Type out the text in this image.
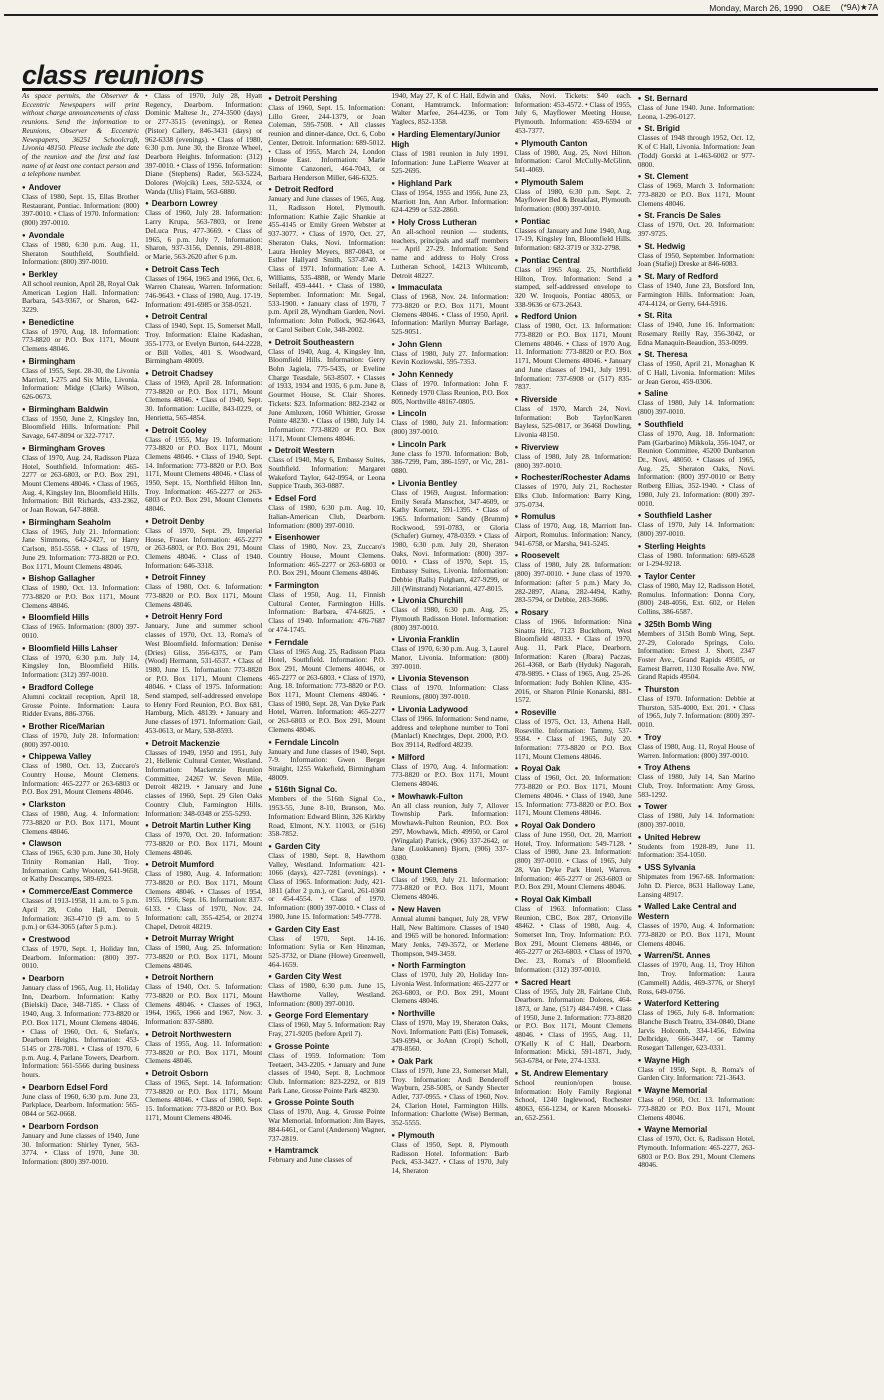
Monday, March 26, 1990 O&E (*9A)★7A
class reunions
As space permits, the Observer & Eccentric Newspapers will print without charge announcements of class reunions. Send the information to Reunions, Observer & Eccentric Newspapers, 36251 Schoolcraft, Livonia 48150. Please include the date of the reunion and the first and last name of at least one contact person and a telephone number.
● Andover
Class of 1980, Sept. 15, Ellas Brother Restaurant, Pontiac. Information: (800) 397-0010. • Class of 1970. Information: (800) 397-0010.
● Avondale
Class of 1980, 6:30 p.m. Aug. 11, Sheraton Southfield, Southfield. Information: (800) 397-0010.
● Berkley
All school reunion, April 28, Royal Oak American Legion Hall. Information: Barbara, 543-9367, or Sharon, 642-3229.
● Benedictine
Class of 1970, Aug. 18. Information: 773-8820 or P.O. Box 1171, Mount Clemens 48046.
● Birmingham
Class of 1955, Sept. 28-30, the Livonia Marriott, I-275 and Six Mile, Livonia. Information: Midge (Clark) Wilson, 626-0673.
● Birmingham Baldwin
Class of 1950, June 2, Kingsley Inn, Bloomfield Hills. Information: Phil Savage, 647-8094 or 322-7717.
● Birmingham Groves
Class of 1970, Aug. 24, Radisson Plaza Hotel, Southfield. Information: 465-2277 or 263-6803, or P.O. Box 291, Mount Clemens 48046. • Class of 1965, Aug. 4, Kingsley Inn, Bloomfield Hills. Information: Bill Richards, 433-2362, or Joan Rowan, 647-8868.
● Birmingham Seaholm
Class of 1965, July 21. Information: Jane Simmons, 642-2427, or Harry Carlson, 851-5558. • Class of 1970, June 29. Information: 773-8820 or P.O. Box 1171, Mount Clemens 48046.
● Bishop Gallagher
Class of 1980, Oct. 13. Information: 773-8820 or P.O. Box 1171, Mount Clemens 48046.
● Bloomfield Hills
Class of 1965. Information: (800) 397-0010.
● Bloomfield Hills Lahser
Class of 1970, 6:30 p.m. July 14, Kingsley Inn, Bloomfield Hills. Information: (312) 397-0010.
● Bradford College
Alumni cocktail reception, April 18, Grosse Pointe. Information: Laura Ridder Evans, 886-3766.
● Brother Rice/Marian
Class of 1970, July 28. Information: (800) 397-0010.
● Chippewa Valley
Class of 1980, Oct. 13, Zuccaro's Country House, Mount Clemens. Information: 465-2277 or 263-6803 or P.O. Box 291, Mount Clemens 48046.
● Clarkston
Class of 1980, Aug. 4. Information: 773-8820 or P.O. Box 1171, Mount Clemens 48046.
● Clawson
Class of 1965, 6:30 p.m. June 30, Holy Trinity Romanian Hall, Troy. Information: Cathy Wooten, 641-9658, or Kathy Descamps, 589-6923.
● Commerce/East Commerce
Classes of 1913-1958, 11 a.m. to 5 p.m. April 28, Coho Hall, Detroit. Information: 363-4710 (9 a.m. to 5 p.m.) or 634-3065 (after 5 p.m.).
● Crestwood
Class of 1970, Sept. 1, Holiday Inn, Dearborn. Information: (800) 397-0010.
● Dearborn
January class of 1965, Aug. 11, Holiday Inn, Dearborn. Information: Kathy (Bielski) Dace, 348-7185. • Class of 1940, Aug. 3. Information: 773-8820 or P.O. Box 1171, Mount Clemens 48046. • Class of 1960, Oct. 6, Stefan's, Dearborn Heights. Information: 453-5145 or 278-7081. • Class of 1970, 6 p.m. Aug. 4, Parlane Towers, Dearborn. Information: 561-5566 during business hours.
● Dearborn Edsel Ford
June class of 1960, 6:30 p.m. June 23, Parkplace, Dearborn. Information: 565-0844 or 562-0668.
● Dearborn Fordson
January and June classes of 1940, June 30. Information: Shirley Tyner, 563-3774. • Class of 1970, June 30. Information: (800) 397-0010.
• Class of 1970, July 28, Hyatt Regency, Dearborn. Information: Dominic Maltese Jr., 274-3500 (days) or 277-3515 (evenings), or Renea (Pistor) Callery, 846-3431 (days) or 962-6338 (evenings). • Class of 1980, 6:30 p.m. June 30, the Bronze Wheel, Dearborn Heights. Information: (312) 397-0010. • Class of 1956. Information: Diane (Stephens) Rader, 563-5224, Dolores (Wojcik) Lees, 592-5324, or Wanda (Ulis) Flaim, 563-6880.
● Dearborn Lowrey
Class of 1960, July 28. Information: Larry Krupa, 563-7803, or Irene DeLuca Prus, 477-3669. • Class of 1965, 6 p.m. July 7. Information: Sharon, 937-3156, Dennis, 291-8818, or Marie, 563-2620 after 6 p.m.
● Detroit Cass Tech
Classes of 1964, 1965 and 1966, Oct. 6, Warren Chateau, Warren. Information: 746-9643. • Class of 1980, Aug. 17-19. Information: 491-6985 or 358-0521.
● Detroit Central
Class of 1940, Sept. 15, Somerset Mall, Troy. Information: Elaine Kadashan, 355-1773, or Evelyn Burton, 644-2228, or Bill Volles, 401 S. Woodward, Birmingham 48009.
● Detroit Chadsey
Class of 1969, April 28. Information: 773-8820 or P.O. Box 1171, Mount Clemens 48046. • Class of 1940, Sept. 30. Information: Lucille, 843-0229, or Henrietta, 565-4854.
● Detroit Cooley
Class of 1955, May 19. Information: 773-8820 or P.O. Box 1171, Mount Clemens 48046. • Class of 1940, Sept. 14. Information: 773-8820 or P.O. Box 1171, Mount Clemens 48046. • Class of 1950, Sept. 15, Northfield Hilton Inn, Troy. Information: 465-2277 or 263-6803 or P.O. Box 291, Mount Clemens 48046.
● Detroit Denby
Class of 1970, Sept. 29, Imperial House, Fraser. Information: 465-2277 or 263-6803, or P.O. Box 291, Mount Clemens 48046. • Class of 1940. Information: 646-3318.
● Detroit Finney
Class of 1980, Oct. 6. Information: 773-8820 or P.O. Box 1171, Mount Clemens 48046.
● Detroit Henry Ford
January, June and summer school classes of 1970, Oct. 13, Roma's of West Bloomfield. Information: Denise (Dries) Gliss, 356-6375, or Pam (Wood) Hermann, 531-6537. • Class of 1980, June 15. Information: 773-8820 or P.O. Box 1171, Mount Clemens 48046. • Class of 1975. Information: Send stamped, self-addressed envelope to Henry Ford Reunion, P.O. Box 681, Hamburg, Mich. 48139. • January and June classes of 1971. Information: Gail, 453-0613, or Mary, 538-8593.
● Detroit Mackenzie
Classes of 1949, 1950 and 1951, July 21, Hellenic Cultural Center, Westland. Information: Mackenzie Reunion Committee, 24267 W. Seven Mile, Detroit 48219. • January and June classes of 1960, Sept. 29 Glen Oaks Country Club, Farmington Hills. Information: 348-0348 or 255-5293.
● Detroit Martin Luther King
Class of 1970, Oct. 20. Information: 773-8820 or P.O. Box 1171, Mount Clemens 48046.
● Detroit Mumford
Class of 1980, Aug. 4. Information: 773-8820 or P.O. Box 1171, Mount Clemens 48046. • Classes of 1954, 1955, 1956, Sept. 16. Information: 837-6133. • Class of 1970, Nov. 24. Information: call, 355-4254, or 20274 Chapel, Detroit 48219.
● Detroit Murray Wright
Class of 1980, Aug. 25. Information: 773-8820 or P.O. Box 1171, Mount Clemens 48046.
● Detroit Northern
Class of 1940, Oct. 5. Information: 773-8820 or P.O. Box 1171, Mount Clemens 48046. • Classes of 1963, 1964, 1965, 1966 and 1967, Nov. 3. Information: 837-5880.
● Detroit Northwestern
Class of 1955, Aug. 11. Information: 773-8820 or P.O. Box 1171, Mount Clemens 48046.
● Detroit Osborn
Class of 1965, Sept. 14. Information: 773-8820 or P.O. Box 1171, Mount Clemens 48046. • Class of 1980, Sept. 15. Information: 773-8820 or P.O. Box 1171, Mount Clemens 48046.
● Detroit Pershing
Class of 1960, Sept. 15. Information: Lillo Greer, 244-1379, or Joan Coleman, 595-7508. • All classes reunion and dinner-dance, Oct. 6, Cobo Center, Detroit. Information: 689-5012. • Class of 1955, March 24, London House East. Information: Marie Simonte Canzoneri, 464-7043, or Barbara Henderson Miller, 646-6325.
● Detroit Redford
January and June classes of 1965, Aug. 11, Radisson Hotel, Plymouth. Information: Kathie Zajic Shankie at 455-4145 or Emily Green Webster at 937-3077. • Class of 1970, Oct. 27, Sheraton Oaks, Novi. Information: Laura Henley Meyers, 887-0843, or Esther Hallyard Smith, 537-8740. • Class of 1971. Information: Lee A. Williams, 535-4888, or Wendy Marie Seilaff, 459-4441. • Class of 1980, September. Information: Mr. Segal, 533-1900. • January class of 1970, 7 p.m. April 28, Wyndham Garden, Novi. Information: John Pollock, 962-9643, or Carol Seibert Cole, 348-2002.
● Detroit Southeastern
Class of 1940, Aug. 4, Kingsley Inn, Bloomfield Hills. Information: Gerry Bohn Jagiela, 775-5435, or Eveline Charge Teasdale, 563-8507. • Classes of 1933, 1934 and 1935, 6 p.m. June 8, Gourmet House, St. Clair Shores. Tickets: $23. Information: 882-2342 or June Amluxen, 1060 Whittier, Grosse Pointe 48230. • Class of 1980, July 14. Information: 773-8820 or P.O. Box 1171, Mount Clemens 48046.
● Detroit Western
Class of 1940, May 6, Embassy Suites, Southfield. Information: Margaret Wakeford Taylor, 642-0954, or Leona Suppice Traub, 363-0887.
● Edsel Ford
Class of 1980, 6:30 p.m. Aug. 10, Italian-American Club, Dearborn. Information: (800) 397-0010.
● Eisenhower
Class of 1980, Nov. 23, Zuccaro's Country House, Mount Clemens. Information: 465-2277 or 263-6803 or P.O. Box 291, Mount Clemens 48046.
● Farmington
Class of 1950, Aug. 11, Finnish Cultural Center, Farmington Hills. Information: Barbara, 474-6825. • Class of 1940. Information: 476-7687 or 474-1745.
● Ferndale
Class of 1965 Aug. 25, Radisson Plaza Hotel, Southfield. Information: P.O. Box 291, Mount Clemens 48046, or 465-2277 or 263-6803. • Class of 1970, Aug. 18. Information: 773-8820 or P.O. Box 1171, Mount Clemens 48046. • Class of 1980, Sept. 28, Van Dyke Park Hotel, Warren. Information: 465-2277 or 263-6803 or P.O. Box 291, Mount Clemens 48046.
● Ferndale Lincoln
January and June classes of 1940, Sept. 7-9. Information: Gwen Berger Straight, 1255 Wakefield, Birmingham 48009.
● 516th Signal Co.
Members of the 516th Signal Co., 1953-55, June 8-10, Branson, Mo. Information: Edward Blinn, 326 Kirkby Road, Elmont, N.Y. 11003, or (516) 358-7852.
● Garden City
Class of 1980, Sept. 8, Hawthorn Valley, Westland. Information: 421-1066 (days), 427-7281 (evenings). • Class of 1965. Information: Judy, 421-1811 (after 2 p.m.), or Carol, 261-0360 or 454-4554. • Class of 1970. Information: (800) 397-0010. • Class of 1980, June 15. Information: 549-7778.
● Garden City East
Class of 1970, Sept. 14-16. Information: Sylia or Ken Hinzman, 525-3732, or Diane (Howe) Greenwell, 464-1659.
● Garden City West
Class of 1980, 6:30 p.m. June 15, Hawthorne Valley, Westland. Information: (800) 397-0010.
● George Ford Elementary
Class of 1960, May 5. Information: Ray Fray, 271-9205 (before April 7).
● Grosse Pointe
Class of 1959. Information: Tom Teetaert, 343-2205. • January and June classes of 1940, Sept. 8, Lochmoor Club. Information: 823-2292, or 819 Park Lane, Grosse Pointe Park 48230.
● Grosse Pointe South
Class of 1970, Aug. 4, Grosse Pointe War Memorial. Information: Jim Bayes, 884-6461, or Carol (Anderson) Wagner, 737-2819.
● Hamtramck
February and June classes of
1940, May 27, K of C Hall, Edwin and Conant, Hamtramck. Information: Walter Marfee, 264-4236, or Tom Yaglecs, 852-1358.
● Harding Elementary/Junior High
Class of 1981 reunion in July 1991. Information: June LaPierre Weaver at 525-2695.
● Highland Park
Class of 1954, 1955 and 1956, June 23, Marriott Inn, Ann Arbor. Information: 624-4299 or 532-2860.
● Holy Cross Lutheran
An all-school reunion — students, teachers, principals and staff members — April 27-29. Information: Send name and address to Holy Cross Lutheran School, 14213 Whitcomb, Detroit 48227.
● Immaculata
Class of 1968, Nov. 24. Information: 773-8820 or P.O. Box 1171, Mount Clemens 48046. • Class of 1950, April. Information: Marilyn Murray Barlage, 525-9051.
● John Glenn
Class of 1980, July 27. Information: Kevin Kozlowski, 595-7353.
● John Kennedy
Class of 1970. Information: John F. Kennedy 1970 Class Reunion, P.O. Box 805, Northville 48167-0805.
● Lincoln
Class of 1980, July 21. Information: (800) 397-0010.
● Lincoln Park
June class fo 1970. Information: Bob, 386-7299, Pam, 386-1597, or Vic, 281-0880.
● Livonia Bentley
Class of 1969, August. Information: Emily Serafa Manschot, 347-4609, or Kathy Kornetz, 591-1395. • Class of 1965. Information: Sandy (Brumm) Rockwood, 591-0783, or Gloria (Schafer) Gurney, 478-0359. • Class of 1980, 6:30 p.m. July 20, Sheraton Oaks, Novi. Information: (800) 397-0010. • Class of 1970, Sept. 15, Embassy Suites, Livonia. Information: Debbie (Ralls) Fulgham, 427-9299, or Jill (Winstrand) Notarianni, 427-8015.
● Livonia Churchill
Class of 1980, 6:30 p.m. Aug. 25, Plymouth Radisson Hotel. Information: (800) 397-0010.
● Livonia Franklin
Class of 1970, 6:30 p.m. Aug. 3, Laurel Manor, Livonia. Information: (800) 397-0010.
● Livonia Stevenson
Class of 1970. Information: Class Reunions, (800) 397-0010.
● Livonia Ladywood
Class of 1966. Information: Send name, address and telephone number to Toni (Manlacl) Knechtges, Dept. 2000, P.O. Box 39114, Redford 48239.
● Milford
Class of 1970, Aug. 4. Information: 773-8820 or P.O. Box 1171, Mount Clemens 48046.
● Mowhawk-Fulton
An all class reunion, July 7, Allover Township Park. Information: Mowhawk-Fulton Reunion, P.O. Box 297, Mowhawk, Mich. 49950, or Carol (Wingalat) Patrick, (906) 337-2642, or Jane (Luokkanen) Bjorn, (906) 337-0380.
● Mount Clemens
Class of 1969, July 21. Information: 773-8820 or P.O. Box 1171, Mount Clemens 48046.
● New Haven
Annual alumni banquet, July 28, VFW Hall, New Baltimore. Classes of 1940 and 1965 will be honored. Information: Mary Jenks, 749-3572, or Merlene Thompson, 949-3459.
● North Farmington
Class of 1970, July 20, Holiday Inn-Livonia West. Information: 465-2277 or 263-6803, or P.O. Box 291, Mount Clemens 48046.
● Northville
Class of 1970, May 19, Sheraton Oaks, Novi. Information: Patti (Eis) Tomasek, 349-6994, or JoAnn (Cropi) Scholl, 478-8560.
● Oak Park
Class of 1970, June 23, Somerset Mall, Troy. Information: Andi Benderoff Wayburn, 258-5085, or Sandy Shecter Adler, 737-0955. • Class of 1960, Nov. 24, Clarion Hotel, Farmington Hills. Information: Charlotte (Wise) Berman, 352-5555.
● Plymouth
Class of 1950, Sept. 8, Plymouth Radisson Hotel. Information: Barb Peck, 453-3427. • Class of 1970, July 14, Sheraton
Oaks, Novi. Tickets: $40 each. Information: 453-4572. • Class of 1955, July 6, Mayflower Meeting House, Plymouth. Information: 459-6594 or 453-7377.
● Plymouth Canton
Class of 1980, Aug. 25, Novi Hilton. Information: Carol McCully-McGlinn, 541-4069.
● Plymouth Salem
Class of 1980, 6:30 p.m. Sept. 2, Mayflower Bed & Breakfast, Plymouth. Information: (800) 397-0010.
● Pontiac
Classes of January and June 1940, Aug. 17-19, Kingsley Inn, Bloomfield Hills. Information: 682-3719 or 332-2798.
● Pontiac Central
Class of 1965 Aug. 25, Northfield Hilton, Troy. Information: Send a stamped, self-addressed envelope to 320 W. Iroquois, Pontiac 48053, or 338-9636 or 673-2643.
● Redford Union
Class of 1980, Oct. 13. Information: 773-8820 or P.O. Box 1171, Mount Clemens 48046. • Class of 1970 Aug. 11. Information: 773-8820 or P.O. Box 1171, Mount Clemens 48046. • January and June classes of 1941, July 1991. Information: 737-6908 or (517) 835-7837.
● Riverside
Class of 1970, March 24, Novi. Information: Bob Taylor/Karen Bayless, 525-0817, or 36468 Dowling, Livonia 48150.
● Riverview
Class of 1980, July 28. Information: (800) 397-0010.
● Rochester/Rochester Adams
Classes of 1970, July 21, Rochester Elks Club. Information: Barry King, 375-0734.
● Romulus
Class of 1970, Aug. 18, Marriott Inn-Airport, Romulus. Information: Nancy, 941-6758, or Marsha, 941-5245.
● Roosevelt
Class of 1980, July 28. Information: (800) 397-0010. • June class of 1970. Information: (after 5 p.m.) Mary Jo, 282-2897, Alana, 282-4494, Kathy, 283-5794, or Debbie, 283-3686.
● Rosary
Class of 1966. Information: Nina Sinatra Hric, 7123 Buckthorn, West Bloomfield 48033. • Class of 1970, Aug. 11, Park Place, Dearborn. Information: Karen (Jbara) Paczas, 261-4368, or Barb (Hyduk) Nagorah, 478-9895. • Class of 1965, Aug. 25-26. Information: Judy Bohlen Kline, 435-2016, or Sharon Pilnie Konarski, 881-1572.
● Roseville
Class of 1975, Oct. 13, Athena Hall, Roseville. Information: Tammy, 537-9584. • Class of 1965, July 20. Information: 773-8820 or P.O. Box 1171, Mount Clemens 48046.
● Royal Oak
Class of 1960, Oct. 20. Information: 773-8820 or P.O. Box 1171, Mount Clemens 48046. • Class of 1940, June 15. Information: 773-8820 or P.O. Box 1171, Mount Clemens 48046.
● Royal Oak Dondero
Class of June 1950, Oct. 20, Marriott Hotel, Troy. Information: 549-7128. • Class of 1980, June 23. Information: (800) 397-0010. • Class of 1965, July 28, Van Dyke Park Hotel, Warren. Information: 465-2277 or 263-6803 or P.O. Box 291, Mount Clemens 48046.
● Royal Oak Kimball
Class of 1963. Information: Class Reunion, CBC, Box 287, Ortonville 48462. • Class of 1980, Aug. 4, Somerset Inn, Troy. Information: P.O. Box 291, Mount Clemens 48046, or 465-2277 or 263-6803. • Class of 1970, Dec. 23, Roma's of Bloomfield. Information: (312) 397-0010.
● Sacred Heart
Class of 1955, July 28, Fairlane Club, Dearborn. Information: Dolores, 464-1873, or Jane, (517) 484-7498. • Class of 1950, June 2. Information: 773-8820 or P.O. Box 1171, Mount Clemens 48046. • Class of 1955, Aug. 11, O'Kelly K of C Hall, Dearborn. Information: Micki, 591-1871, Judy, 563-6784, or Pete, 274-1333.
● St. Andrew Elementary
School reunion/open house. Information: Holy Family Regional School, 1240 Inglewood, Rochester 48063, 656-1234, or Karen Mooseki-an, 652-2561.
● St. Bernard
Class of June 1940. June. Information: Leona, 1-296-0127.
● St. Brigid
Classes of 1948 through 1952, Oct. 12, K of C Hall, Livonia. Information: Jean (Todd) Gorski at 1-463-6002 or 977-0800.
● St. Clement
Class of 1969, March 3. Information: 773-8820 or P.O. Box 1171, Mount Clemens 48046.
● St. Francis De Sales
Class of 1970, Oct. 20. Information: 397-9725.
● St. Hedwig
Class of 1950, September. Information: Joan (Stafiej) Dreske at 846-6083.
● St. Mary of Redford
Class of 1940, June 23, Botsford Inn, Farmington Hills. Information: Joan, 474-4124, or Gerry, 644-5916.
● St. Rita
Class of 1940, June 16. Information: Rosemary Reilly Ray, 356-3042, or Edna Manaquin-Beaudion, 353-0099.
● St. Theresa
Class of 1950, April 21, Monaghan K of C Hall, Livonia. Information: Miles or Jean Gerou, 459-0306.
● Saline
Class of 1980, July 14. Information: (800) 397-0010.
● Southfield
Class of 1970, Aug. 18. Information: Pam (Garbarino) Mikkola, 356-1047, or Reunion Committee, 45200 Dunbarton Dr., Novi, 48050. • Classes of 1965, Aug. 25, Sheraton Oaks, Novi. Information: (800) 397-0010 or Betty Rotberg Ellias, 352-1940. • Class of 1980, July 21. Information: (800) 397-0010.
● Southfield Lasher
Class of 1970, July 14. Information: (800) 397-0010.
● Sterling Heights
Class of 1980. Information: 689-6528 or 1-294-9218.
● Taylor Center
Class of 1980, May 12, Radisson Hotel, Romulus. Information: Donna Cory, (800) 248-4056, Ext. 602, or Helen Collins, 386-6587.
● 325th Bomb Wing
Members of 315th Bomb Wing, Sept. 27-29, Colorado Springs, Colo. Information: Ernest J. Short, 2347 Foster Ave., Grand Rapids 49505, or Earnest Barrett, 1130 Rosalie Ave. NW, Grand Rapids 49504.
● Thurston
Class of 1970. Information: Debbie at Thurston, 535-4000, Ext. 201. • Class of 1965, July 7. Information: (800) 397-0010.
● Troy
Class of 1980, Aug. 11, Royal House of Warren. Information: (800) 397-0010.
● Troy Athens
Class of 1980, July 14, San Marino Club, Troy. Information: Amy Gross, 583-1292.
● Tower
Class of 1980, July 14. Information: (800) 397-0010.
● United Hebrew
Students from 1928-89, June 11. Information: 354-1050.
● USS Sylvania
Shipmates from 1967-68. Information: John D. Pierce, 8631 Halloway Lane, Lansing 48917.
● Walled Lake Central and Western
Classes of 1970, Aug. 4. Information: 773-8820 or P.O. Box 1171, Mount Clemens 48046.
● Warren/St. Annes
Classes of 1970, Aug. 11, Troy Hilton Inn, Troy. Information: Laura (Cammell) Addis, 469-3776, or Sheryl Ross, 649-0756.
● Waterford Kettering
Class of 1965, July 6-8. Information: Blanche Busch Teatro, 334-0840, Diane Jarvis Holcomb, 334-1456, Edwina Delbridge, 666-3447, or Tammy Rosegart Tallenger, 623-0331.
● Wayne High
Class of 1950, Sept. 8, Roma's of Garden City. Information: 721-3643.
● Wayne Memorial
Class of 1960, Oct. 13. Information: 773-8820 or P.O. Box 1171, Mount Clemens 48046.
● Wayne Memorial
Class of 1970, Oct. 6, Radisson Hotel, Plymouth. Information: 465-2277, 263-6803 or P.O. Box 291, Mount Clemens 48046.
